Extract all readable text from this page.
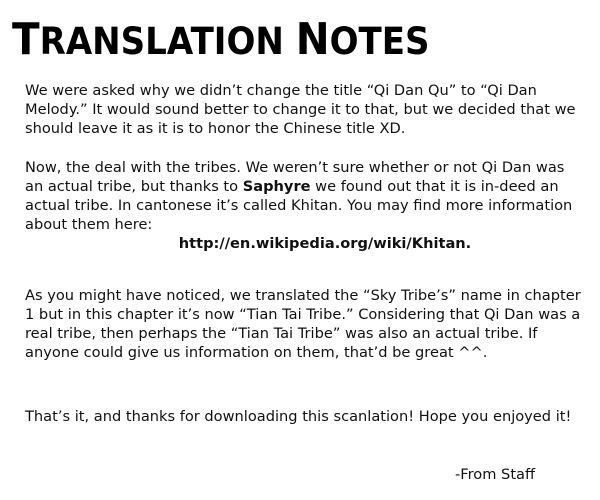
TRANSLATION NOTES

We were asked why we didn’t change the title “Qi Dan Qu” to “Qi Dan Melody.” It would sound better to change it to that, but we decided that we should leave it as it is to honor the Chinese title XD.

Now, the deal with the tribes. We weren’t sure whether or not Qi Dan was an actual tribe, but thanks to Saphyre we found out that it is in-deed an actual tribe. In cantonese it’s called Khitan. You may find more information about them here:
http://en.wikipedia.org/wiki/Khitan.

As you might have noticed, we translated the “Sky Tribe’s” name in chapter 1 but in this chapter it’s now “Tian Tai Tribe.” Considering that Qi Dan was a real tribe, then perhaps the “Tian Tai Tribe” was also an actual tribe. If anyone could give us information on them, that’d be great ^^.

That’s it, and thanks for downloading this scanlation! Hope you enjoyed it!

-From Staff
